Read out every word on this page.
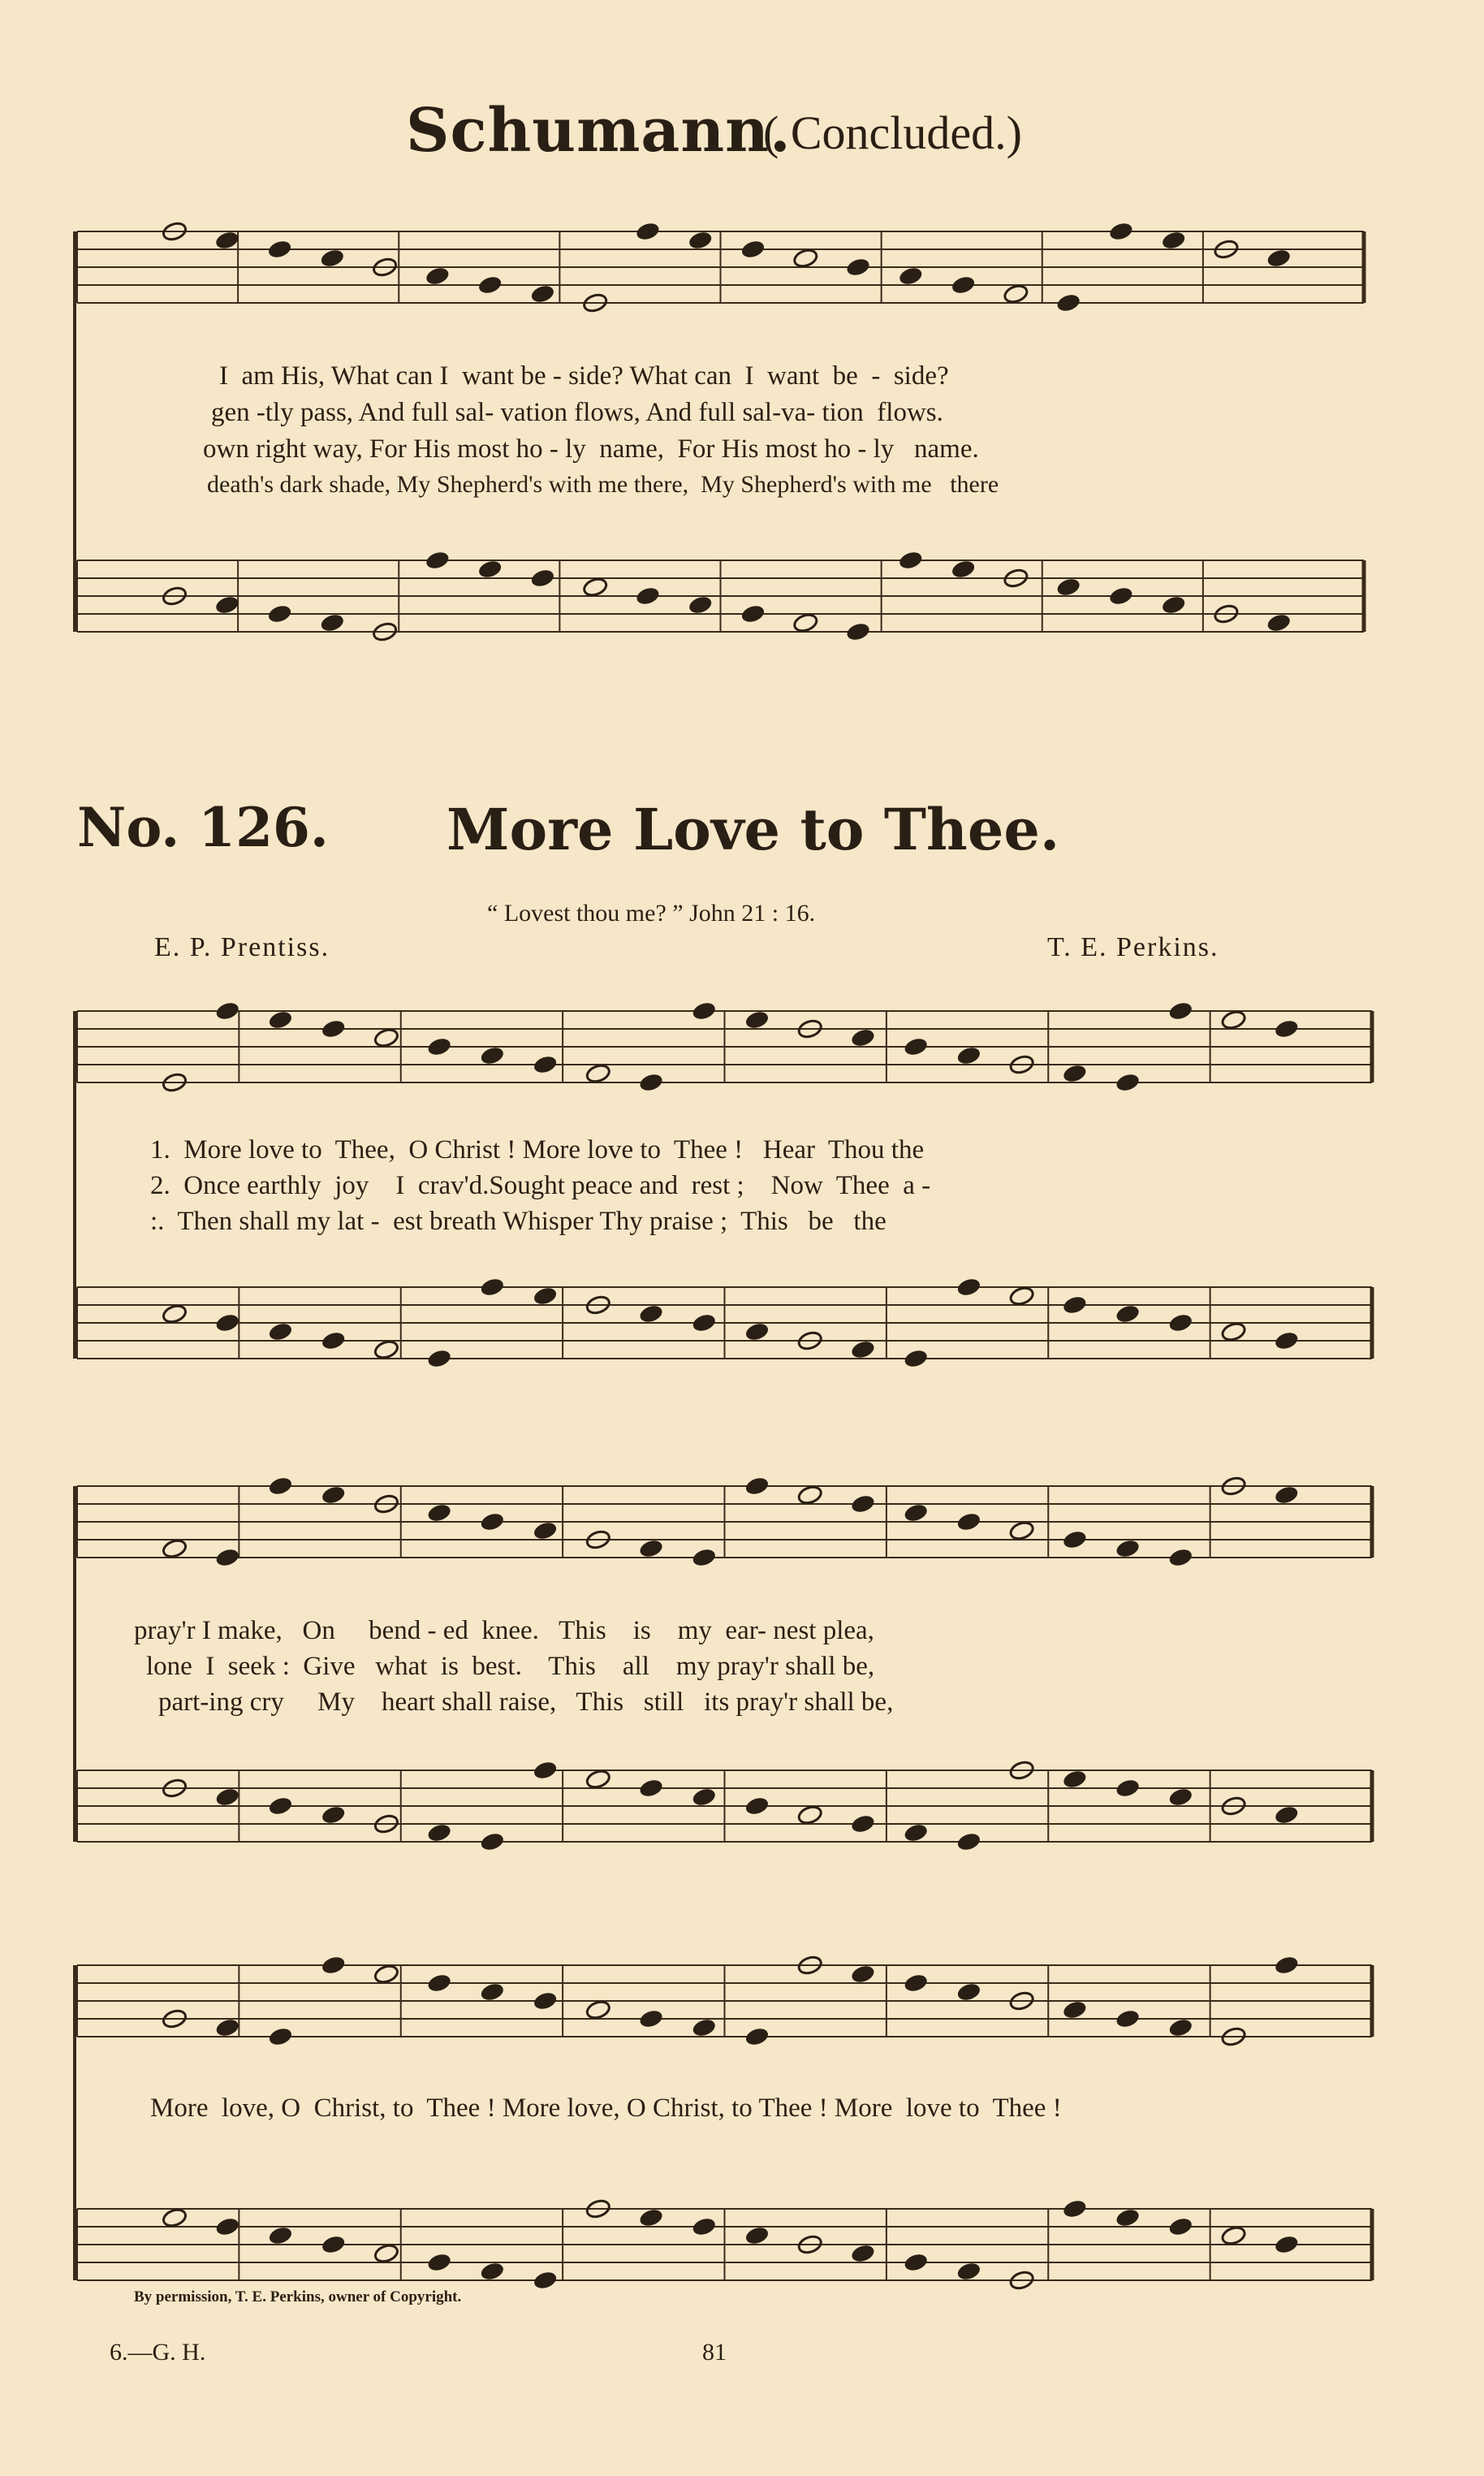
Schumann.
( Concluded.)
I  am His, What can I  want be - side? What can  I  want  be  -  side?
gen -tly pass, And full sal- vation flows, And full sal-va- tion  flows.
own right way, For His most ho - ly  name,  For His most ho - ly   name.
death's dark shade, My Shepherd's with me there,  My Shepherd's with me   there
No. 126. More Love to Thee.
“ Lovest thou me? ” John 21 : 16.
E. P. Prentiss.	T. E. Perkins.
1.  More love to  Thee,  O Christ ! More love to  Thee !   Hear  Thou the
2.  Once earthly  joy    I  crav'd.Sought peace and  rest ;    Now  Thee  a -
:.  Then shall my lat -  est breath Whisper Thy praise ;  This   be   the
pray'r I make,   On     bend - ed  knee.   This    is    my  ear- nest plea,
lone  I  seek :  Give   what  is  best.    This    all    my pray'r shall be,
part-ing cry     My    heart shall raise,   This   still   its pray'r shall be,
More  love, O  Christ, to  Thee ! More love, O Christ, to Thee ! More  love to  Thee !
By permission, T. E. Perkins, owner of Copyright.
6.—G. H.	81
